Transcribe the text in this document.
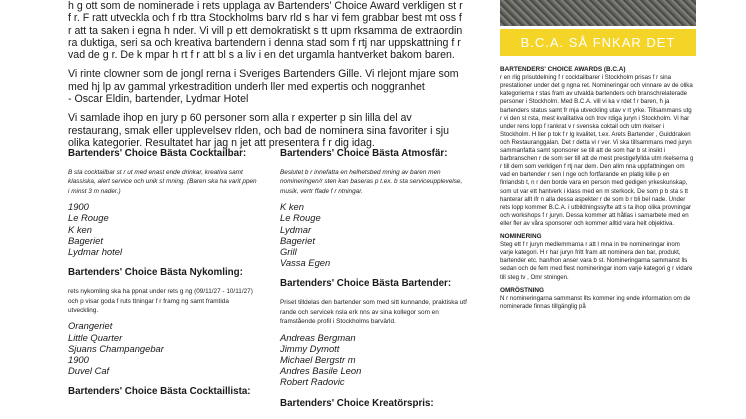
h g ott som de nominerade i rets upplaga av Bartenders' Choice Award verkligen st r f r. F ratt utveckla och f rb ttra Stockholms barv rld s har vi fem grabbar best mt oss f r att ta saken i egna h nder. Vi vill p ett demokratiskt s tt upm rksamma de extraordin ra duktiga, seri sa och kreativa bartendern i denna stad som f rtj nar uppskattning f r vad de g r. De k mpar h rt f r att bl s a liv i en det urgamla hantverket bakom baren.

Vi rinte clowner som de jongl rerna i Sveriges Bartenders Gille. Vi rlejont mjare som med hj lp av gammal yrkestradition underh ller med expertis och noggranhet
- Oscar Eldin, bartender, Lydmar Hotel

Vi samlade ihop en jury p 60 personer som alla r experter p sin lilla del av restaurang, smak eller upplevelsev rlden, och bad de nominera sina favoriter i sju olika kategorier. Resultatet har jag n jet att presentera f r dig idag.

Bartenders' Choice Bästa Cocktailbar:

B sta cocktailbar st r ut med enast ende drinkar, kreativa samt klassiska, alert service och unik st mning. (Baren ska ha varit ppen i minst 3 m nader.)

1900
Le Rouge
K ken
Bageriet
Lydmar hotel
Bartenders' Choice Bästa Nykomling:

rets nykomling ska ha ppnat under rets g ng (09/11/27 - 10/11/27) och p visar goda f ruts ttningar f r framg ng samt framtida utveckling.

Orangeriet
Little Quarter
Sjuans Champangebar
1900
Duvel Caf
Bartenders' Choice Bästa Cocktaillista:
Bartenders' Choice Bästa Atmosfär:

Beslutet b r innefatta en helhetsbed mning av baren men nomineringen/r sten kan baseras p t.ex. b sta serviceupplevelse, musik, vertr ffade f r ntningar.

K ken
Le Rouge
Lydmar
Bageriet
Grill
Vassa Egen
Bartenders' Choice Bästa Bartender:

Priset tilldelas den bartender som med sitt kunnande, praktiska utf rande och servicek nsla erk nns av sina kollegor som en framstående profil i Stockholms barvärld.

Andreas Bergman
Jimmy Dymott
Michael Bergstr m
Andres Basile Leon
Robert Radovic
Bartenders' Choice Kreatörspris:
B.C.A. SÅ FNKAR DET
BARTENDERS' CHOICE AWARDS (B.C.A)

r en rlig prisutdelning f r cocktailbarer i Stockholm prisas f r sina prestationer under det g ngna ret. Nomineringar och vinnare av de olika kategorierna r stas fram av utvalda bartenders och branschrelaterade personer i Stockholm. Med B.C.A. vill vi ka v rdet f r baren, h ja bartenders status samt fr mja utveckling utav v rt yrke. Tillsammans utg r vi den st rsta, mest kvalitativa och trov rdiga juryn i Stockholm. Vi har under rens lopp f rankrat v r svenska coktail och utm rkelser i Stockholm. H ller p tok f r lg kvalitet, t.ex. Arets Bartender , Gulddraken och Restauranggalan. Det r detta vi r ver. Vi ska tillsammans med juryn sammanfatta samt sponsorer se till att de som har b st insikt i barbranschen r de som ser till att de mest prestigefyllda utm rkelserna g r till dem som verkligen f rtj nar dem. Den allm nna uppfattningen om vad en bartender r sen l nge och fortfarande en platig kille p en finlandsb t, n r den borde vara en person med gedigen yrkeskunskap, som ut var ett hantverk i klass med en m sterkock. De som p b sta s tt hanterar allt ifr n alla dessa aspekter r de som b r bli bel nade. Under rets lopp kommer B.C.A. i utbildningssyfte att s ta ihop olika provningar och workshops f r juryn. Dessa kommer att hållas i samarbete med en eller fler av våra sponsorer och kommer alltid vara helt objektiva.

NOMINERING

Steg ett f r juryn medlemmarna r att l mna in tre nomineringar inom varje kategori. H r har juryn fritt fram att nominera den bar, produkt, bartender etc. han/hon anser vara b st. Nomineringarna sammanst lls sedan och de fem med flest nomineringar inom varje kategori g r vidare till steg tv , Omr stningen.

OMRÖSTNING

N r nomineringarna sammanst llts kommer ing ende information om de nominerade finnas tillgänglig på
